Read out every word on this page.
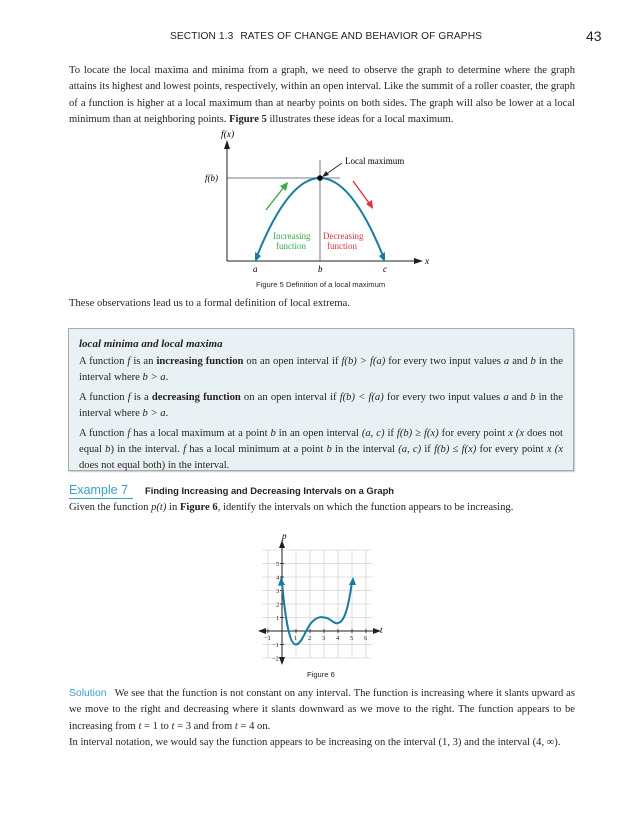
SECTION 1.3 RATES OF CHANGE AND BEHAVIOR OF GRAPHS	43
To locate the local maxima and minima from a graph, we need to observe the graph to determine where the graph attains its highest and lowest points, respectively, within an open interval. Like the summit of a roller coaster, the graph of a function is higher at a local maximum than at nearby points on both sides. The graph will also be lower at a local minimum than at neighboring points. Figure 5 illustrates these ideas for a local maximum.
f(x)
f(b)
Local maximum
Increasing
function
Decreasing
function
a	b	c
x
Figure 5 Definition of a local maximum
These observations lead us to a formal definition of local extrema.
local minima and local maxima
A function f is an increasing function on an open interval if f(b) > f(a) for every two input values a and b in the interval where b > a.
A function f is a decreasing function on an open interval if f(b) < f(a) for every two input values a and b in the interval where b > a.
A function f has a local maximum at a point b in an open interval (a, c) if f(b) ≥ f(x) for every point x (x does not equal b) in the interval. f has a local minimum at a point b in the interval (a, c) if f(b) ≤ f(x) for every point x (x does not equal both) in the interval.
Example 7 Finding Increasing and Decreasing Intervals on a Graph
Given the function p(t) in Figure 6, identify the intervals on which the function appears to be increasing.
−1	1 2 3 4 5 6
5
4
3
2
1
−1
−2
p
t
Figure 6
Solution We see that the function is not constant on any interval. The function is increasing where it slants upward as we move to the right and decreasing where it slants downward as we move to the right. The function appears to be increasing from t = 1 to t = 3 and from t = 4 on.
In interval notation, we would say the function appears to be increasing on the interval (1, 3) and the interval (4, ∞).
